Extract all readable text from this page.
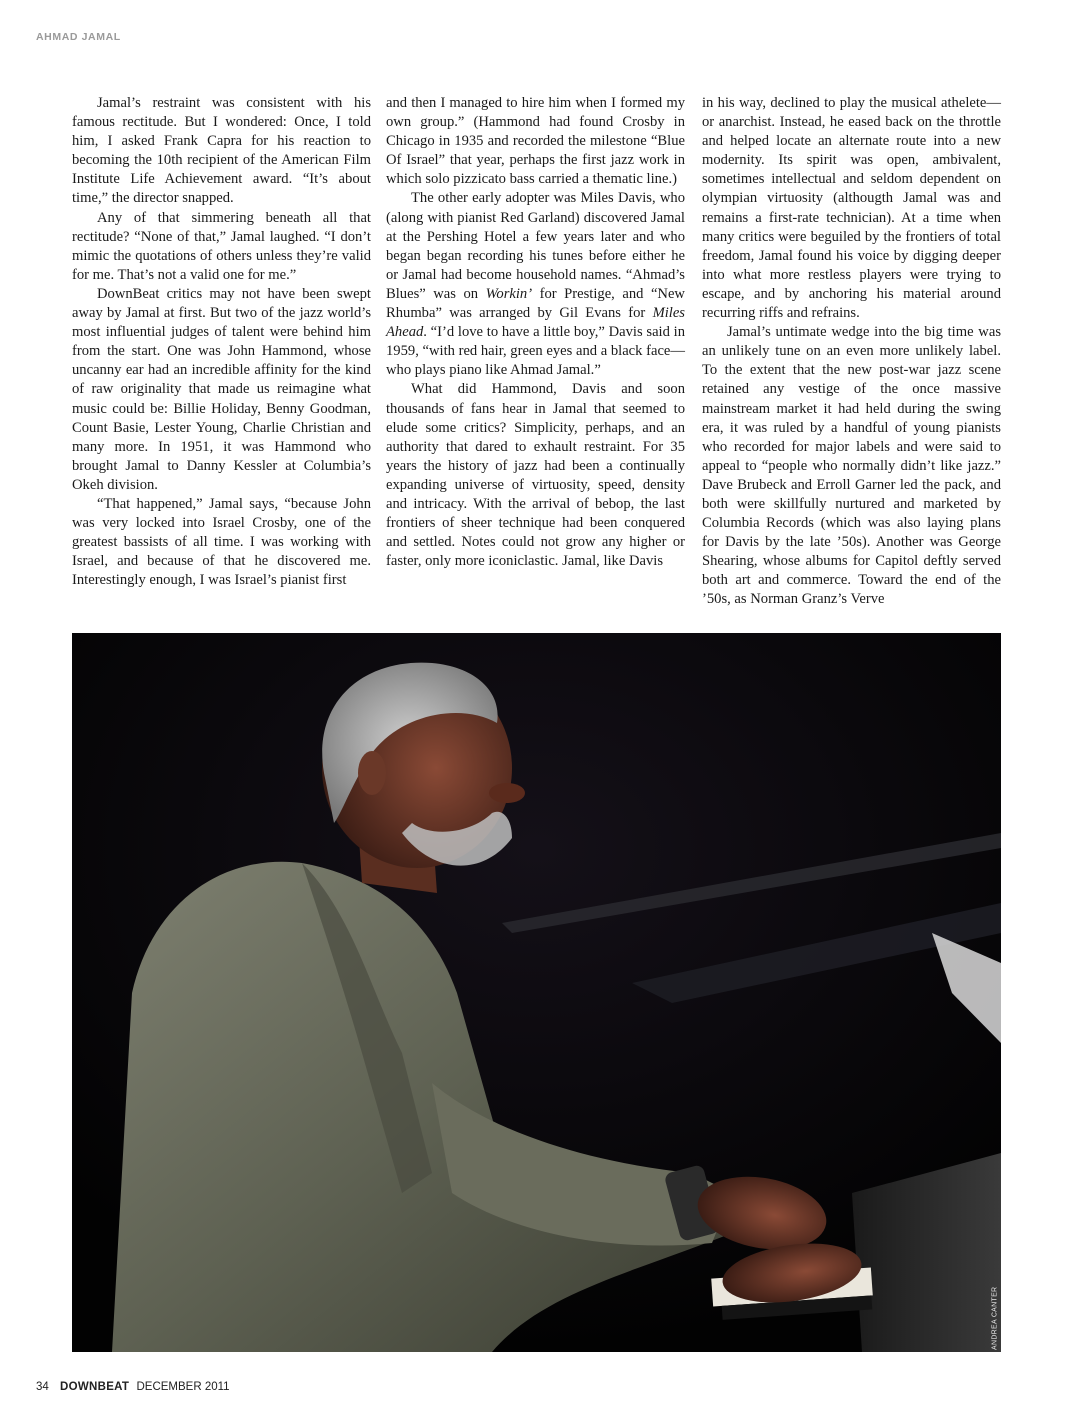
AHMAD JAMAL

Jamal’s restraint was consistent with his famous rectitude. But I wondered: Once, I told him, I asked Frank Capra for his reaction to becoming the 10th recipient of the American Film Institute Life Achievement award. “It’s about time,” the director snapped.

Any of that simmering beneath all that rectitude? “None of that,” Jamal laughed. “I don’t mimic the quotations of others unless they’re valid for me. That’s not a valid one for me.”

DownBeat critics may not have been swept away by Jamal at first. But two of the jazz world’s most influential judges of talent were behind him from the start. One was John Hammond, whose uncanny ear had an incredible affinity for the kind of raw originality that made us reimagine what music could be: Billie Holiday, Benny Goodman, Count Basie, Lester Young, Charlie Christian and many more. In 1951, it was Hammond who brought Jamal to Danny Kessler at Columbia’s Okeh division.

“That happened,” Jamal says, “because John was very locked into Israel Crosby, one of the greatest bassists of all time. I was working with Israel, and because of that he discovered me. Interestingly enough, I was Israel’s pianist first

and then I managed to hire him when I formed my own group.” (Hammond had found Crosby in Chicago in 1935 and recorded the milestone “Blue Of Israel” that year, perhaps the first jazz work in which solo pizzicato bass carried a thematic line.)

The other early adopter was Miles Davis, who (along with pianist Red Garland) discovered Jamal at the Pershing Hotel a few years later and who began began recording his tunes before either he or Jamal had become household names. “Ahmad’s Blues” was on Workin’ for Prestige, and “New Rhumba” was arranged by Gil Evans for Miles Ahead. “I’d love to have a little boy,” Davis said in 1959, “with red hair, green eyes and a black face—who plays piano like Ahmad Jamal.”

What did Hammond, Davis and soon thousands of fans hear in Jamal that seemed to elude some critics? Simplicity, perhaps, and an authority that dared to exhault restraint. For 35 years the history of jazz had been a continually expanding universe of virtuosity, speed, density and intricacy. With the arrival of bebop, the last frontiers of sheer technique had been conquered and settled. Notes could not grow any higher or faster, only more iconiclastic. Jamal, like Davis

in his way, declined to play the musical athelete—or anarchist. Instead, he eased back on the throttle and helped locate an alternate route into a new modernity. Its spirit was open, ambivalent, sometimes intellectual and seldom dependent on olympian virtuosity (althougth Jamal was and remains a first-rate technician). At a time when many critics were beguiled by the frontiers of total freedom, Jamal found his voice by digging deeper into what more restless players were trying to escape, and by anchoring his material around recurring riffs and refrains.

Jamal’s untimate wedge into the big time was an unlikely tune on an even more unlikely label. To the extent that the new post-war jazz scene retained any vestige of the once massive mainstream market it had held during the swing era, it was ruled by a handful of young pianists who recorded for major labels and were said to appeal to “people who normally didn’t like jazz.” Dave Brubeck and Erroll Garner led the pack, and both were skillfully nurtured and marketed by Columbia Records (which was also laying plans for Davis by the late ’50s). Another was George Shearing, whose albums for Capitol deftly served both art and commerce. Toward the end of the ’50s, as Norman Granz’s Verve

ANDREA CANTER
34 DOWNBEAT DECEMBER 2011
